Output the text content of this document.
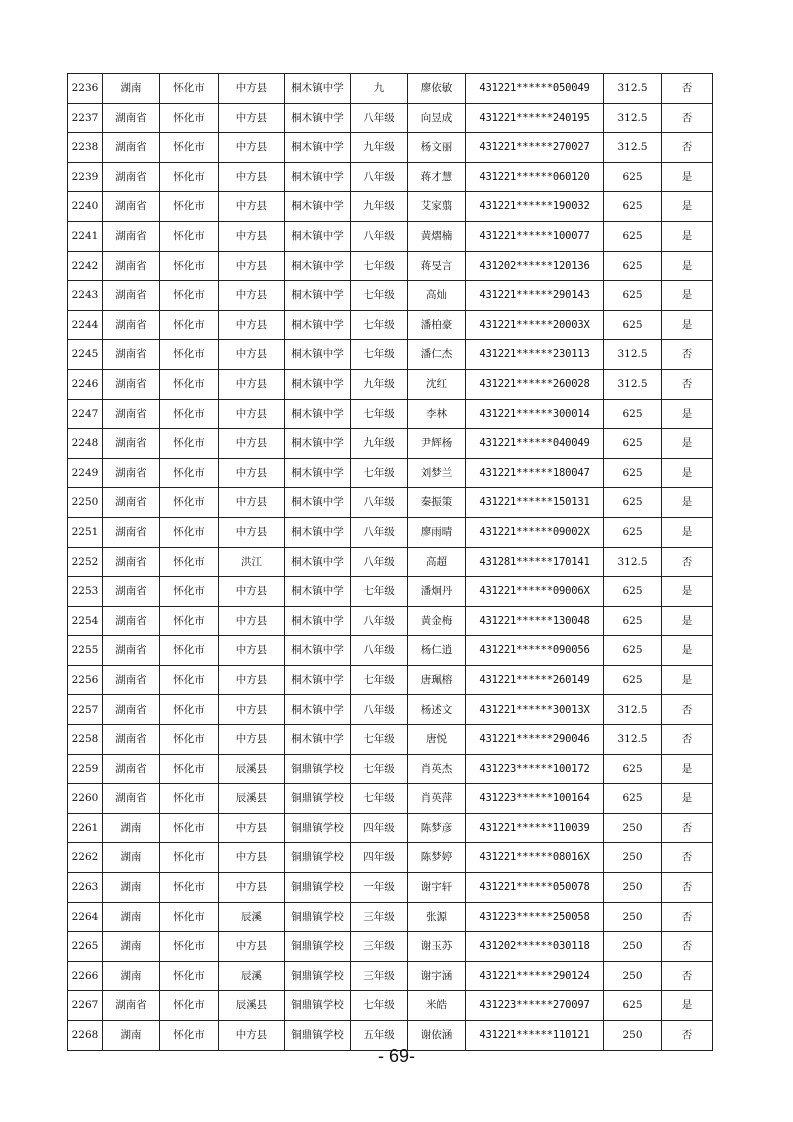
2236	湖南	怀化市	中方县	桐木镇中学	九	廖依敏	431221******050049	312.5	否
2237	湖南省	怀化市	中方县	桐木镇中学	八年级	向昱成	431221******240195	312.5	否
2238	湖南省	怀化市	中方县	桐木镇中学	九年级	杨文丽	431221******270027	312.5	否
2239	湖南省	怀化市	中方县	桐木镇中学	八年级	蒋才慧	431221******060120	625	是
2240	湖南省	怀化市	中方县	桐木镇中学	九年级	艾家翦	431221******190032	625	是
2241	湖南省	怀化市	中方县	桐木镇中学	八年级	黄熠楠	431221******100077	625	是
2242	湖南省	怀化市	中方县	桐木镇中学	七年级	蒋旻言	431202******120136	625	是
2243	湖南省	怀化市	中方县	桐木镇中学	七年级	高灿	431221******290143	625	是
2244	湖南省	怀化市	中方县	桐木镇中学	七年级	潘柏豪	431221******20003X	625	是
2245	湖南省	怀化市	中方县	桐木镇中学	七年级	潘仁杰	431221******230113	312.5	否
2246	湖南省	怀化市	中方县	桐木镇中学	九年级	沈红	431221******260028	312.5	否
2247	湖南省	怀化市	中方县	桐木镇中学	七年级	李林	431221******300014	625	是
2248	湖南省	怀化市	中方县	桐木镇中学	九年级	尹辉杨	431221******040049	625	是
2249	湖南省	怀化市	中方县	桐木镇中学	七年级	刘梦兰	431221******180047	625	是
2250	湖南省	怀化市	中方县	桐木镇中学	八年级	秦振策	431221******150131	625	是
2251	湖南省	怀化市	中方县	桐木镇中学	八年级	廖雨晴	431221******09002X	625	是
2252	湖南省	怀化市	洪江	桐木镇中学	八年级	高超	431281******170141	312.5	否
2253	湖南省	怀化市	中方县	桐木镇中学	七年级	潘炯丹	431221******09006X	625	是
2254	湖南省	怀化市	中方县	桐木镇中学	八年级	黄金梅	431221******130048	625	是
2255	湖南省	怀化市	中方县	桐木镇中学	八年级	杨仁逍	431221******090056	625	是
2256	湖南省	怀化市	中方县	桐木镇中学	七年级	唐珮榕	431221******260149	625	是
2257	湖南省	怀化市	中方县	桐木镇中学	八年级	杨述文	431221******30013X	312.5	否
2258	湖南省	怀化市	中方县	桐木镇中学	七年级	唐悦	431221******290046	312.5	否
2259	湖南省	怀化市	辰溪县	铜鼎镇学校	七年级	肖英杰	431223******100172	625	是
2260	湖南省	怀化市	辰溪县	铜鼎镇学校	七年级	肖英萍	431223******100164	625	是
2261	湖南	怀化市	中方县	铜鼎镇学校	四年级	陈梦彦	431221******110039	250	否
2262	湖南	怀化市	中方县	铜鼎镇学校	四年级	陈梦婷	431221******08016X	250	否
2263	湖南	怀化市	中方县	铜鼎镇学校	一年级	谢宇轩	431221******050078	250	否
2264	湖南	怀化市	辰溪	铜鼎镇学校	三年级	张源	431223******250058	250	否
2265	湖南	怀化市	中方县	铜鼎镇学校	三年级	谢玉苏	431202******030118	250	否
2266	湖南	怀化市	辰溪	铜鼎镇学校	三年级	谢宇涵	431221******290124	250	否
2267	湖南省	怀化市	辰溪县	铜鼎镇学校	七年级	米皓	431223******270097	625	是
2268	湖南	怀化市	中方县	铜鼎镇学校	五年级	谢依涵	431221******110121	250	否
- 69-
